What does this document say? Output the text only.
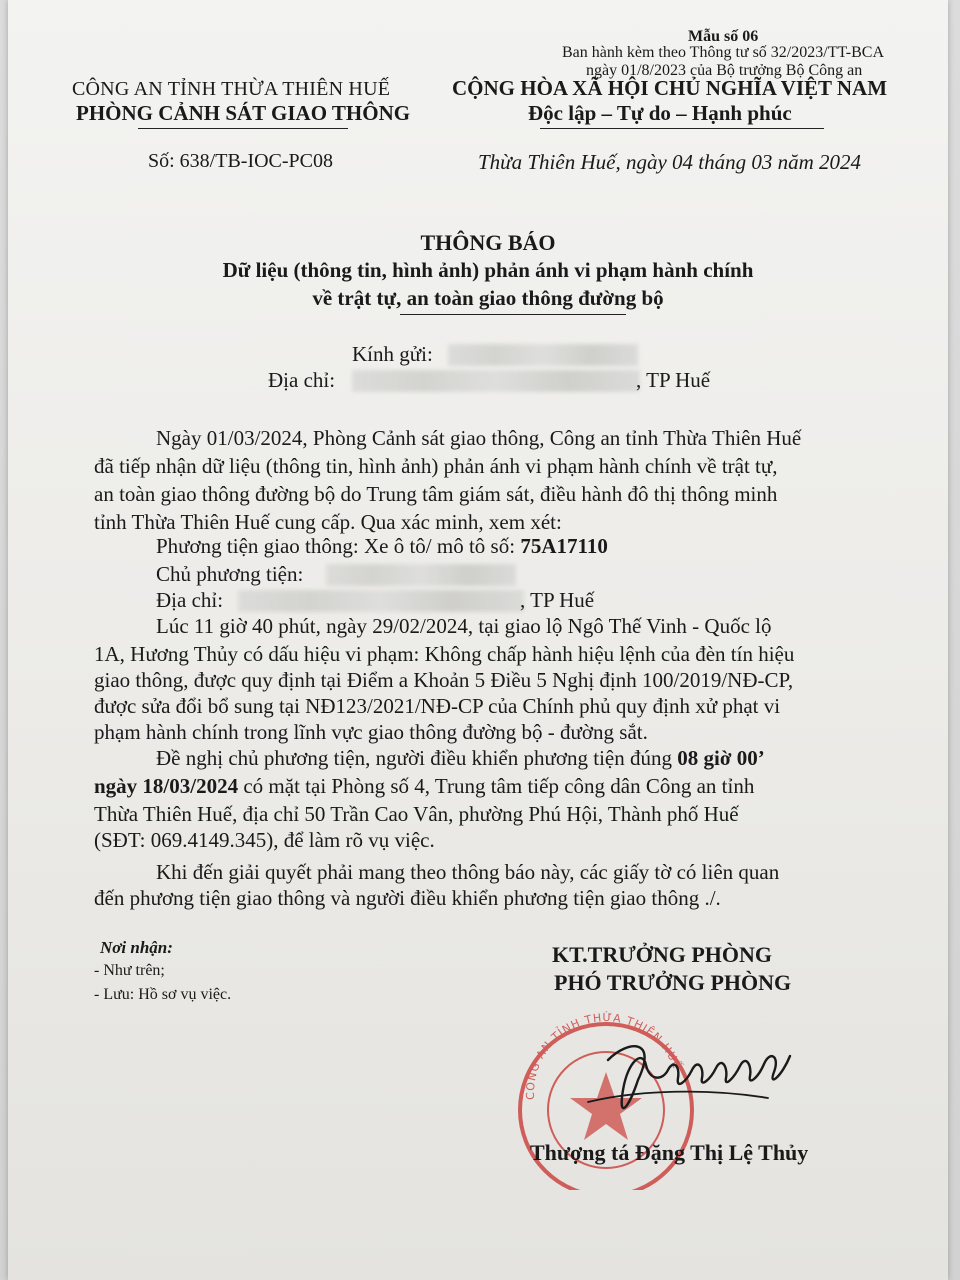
Mẫu số 06
Ban hành kèm theo Thông tư số 32/2023/TT-BCA
ngày 01/8/2023 của Bộ trưởng Bộ Công an
CÔNG AN TỈNH THỪA THIÊN HUẾ
PHÒNG CẢNH SÁT GIAO THÔNG
Số: 638/TB-IOC-PC08
CỘNG HÒA XÃ HỘI CHỦ NGHĨA VIỆT NAM
Độc lập – Tự do – Hạnh phúc
Thừa Thiên Huế, ngày 04 tháng 03 năm 2024
THÔNG BÁO
Dữ liệu (thông tin, hình ảnh) phản ánh vi phạm hành chính
về trật tự, an toàn giao thông đường bộ
Kính gửi:
Địa chỉ:	, TP Huế
Ngày 01/03/2024, Phòng Cảnh sát giao thông, Công an tỉnh Thừa Thiên Huế
đã tiếp nhận dữ liệu (thông tin, hình ảnh) phản ánh vi phạm hành chính về trật tự,
an toàn giao thông đường bộ do Trung tâm giám sát, điều hành đô thị thông minh
tỉnh Thừa Thiên Huế cung cấp. Qua xác minh, xem xét:
Phương tiện giao thông: Xe ô tô/ mô tô số: 75A17110
Chủ phương tiện:
Địa chỉ:	, TP Huế
Lúc 11 giờ 40 phút, ngày 29/02/2024, tại giao lộ Ngô Thế Vinh - Quốc lộ
1A, Hương Thủy có dấu hiệu vi phạm: Không chấp hành hiệu lệnh của đèn tín hiệu
giao thông, được quy định tại Điểm a Khoản 5 Điều 5 Nghị định 100/2019/NĐ-CP,
được sửa đổi bổ sung tại NĐ123/2021/NĐ-CP của Chính phủ quy định xử phạt vi
phạm hành chính trong lĩnh vực giao thông đường bộ - đường sắt.
Đề nghị chủ phương tiện, người điều khiển phương tiện đúng 08 giờ 00’
ngày 18/03/2024 có mặt tại Phòng số 4, Trung tâm tiếp công dân Công an tỉnh
Thừa Thiên Huế, địa chỉ 50 Trần Cao Vân, phường Phú Hội, Thành phố Huế
(SĐT: 069.4149.345), để làm rõ vụ việc.
Khi đến giải quyết phải mang theo thông báo này, các giấy tờ có liên quan
đến phương tiện giao thông và người điều khiển phương tiện giao thông ./.
Nơi nhận:
- Như trên;
- Lưu: Hồ sơ vụ việc.
KT.TRƯỞNG PHÒNG
PHÓ TRƯỞNG PHÒNG
CÔNG AN TỈNH THỪA THIÊN HUẾ
Thượng tá Đặng Thị Lệ Thủy
